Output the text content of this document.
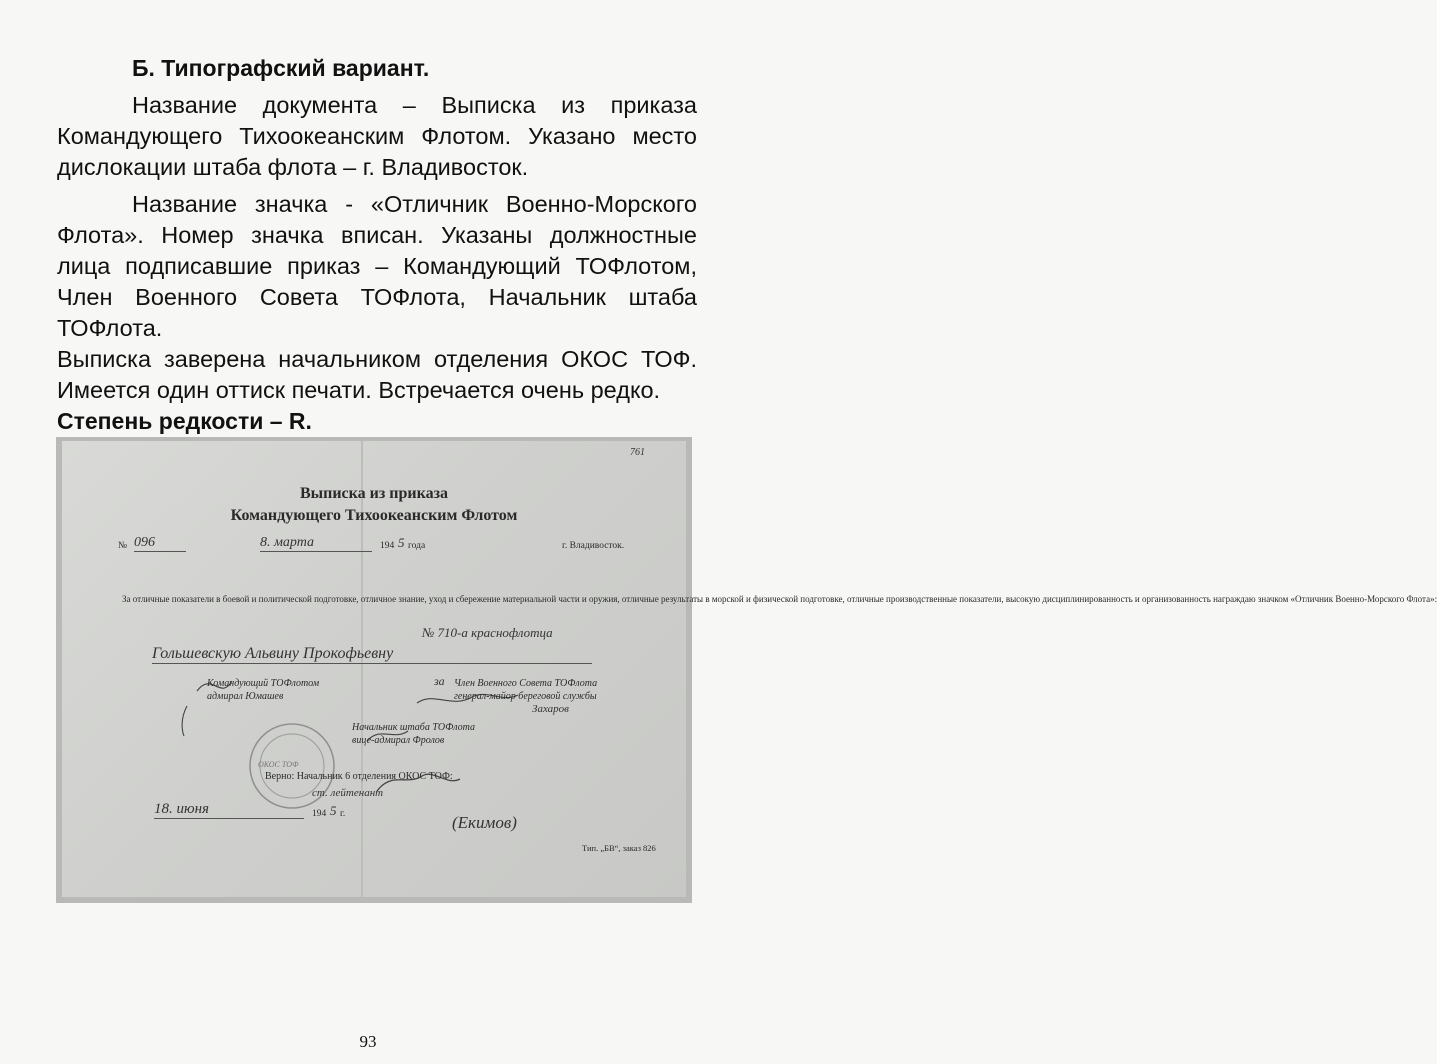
Б. Типографский вариант.

Название документа – Выписка из приказа Командующего Тихоокеанским Флотом. Указано место дислокации штаба флота – г. Владивосток.

Название значка - «Отличник Военно-Морского Флота». Номер значка вписан. Указаны должностные лица подписавшие приказ – Командующий ТОФлотом, Член Военного Совета ТОФлота, Начальник штаба ТОФлота.

Выписка заверена начальником отделения ОКОС ТОФ. Имеется один оттиск печати. Встречается очень редко.

Степень редкости – R.

761
Выписка из приказа
Командующего Тихоокеанским Флотом
№ 096	8. марта	194 5 года	г. Владивосток.
За отличные показатели в боевой и политической подготовке, отличное знание, уход и сбережение материальной части и оружия, отличные результаты в морской и физической подготовке, отличные производственные показатели, высокую дисциплинированность и организованность награждаю значком «Отличник Военно-Морского Флота»:
№ 710-а краснофлотца
Гольшевскую Альвину Прокофьевну
Командующий ТОФлотом
адмирал Юмашев
за Член Военного Совета ТОФлота
генерал-майор береговой службы
Захаров
Начальник штаба ТОФлота
вице-адмирал Фролов
Верно: Начальник 6 отделения ОКОС ТОФ:
ст. лейтенант
ОКОС ТОФ
18. июня	194 5 г.	(Екимов)
Тип. „БВ“, заказ 826
93
